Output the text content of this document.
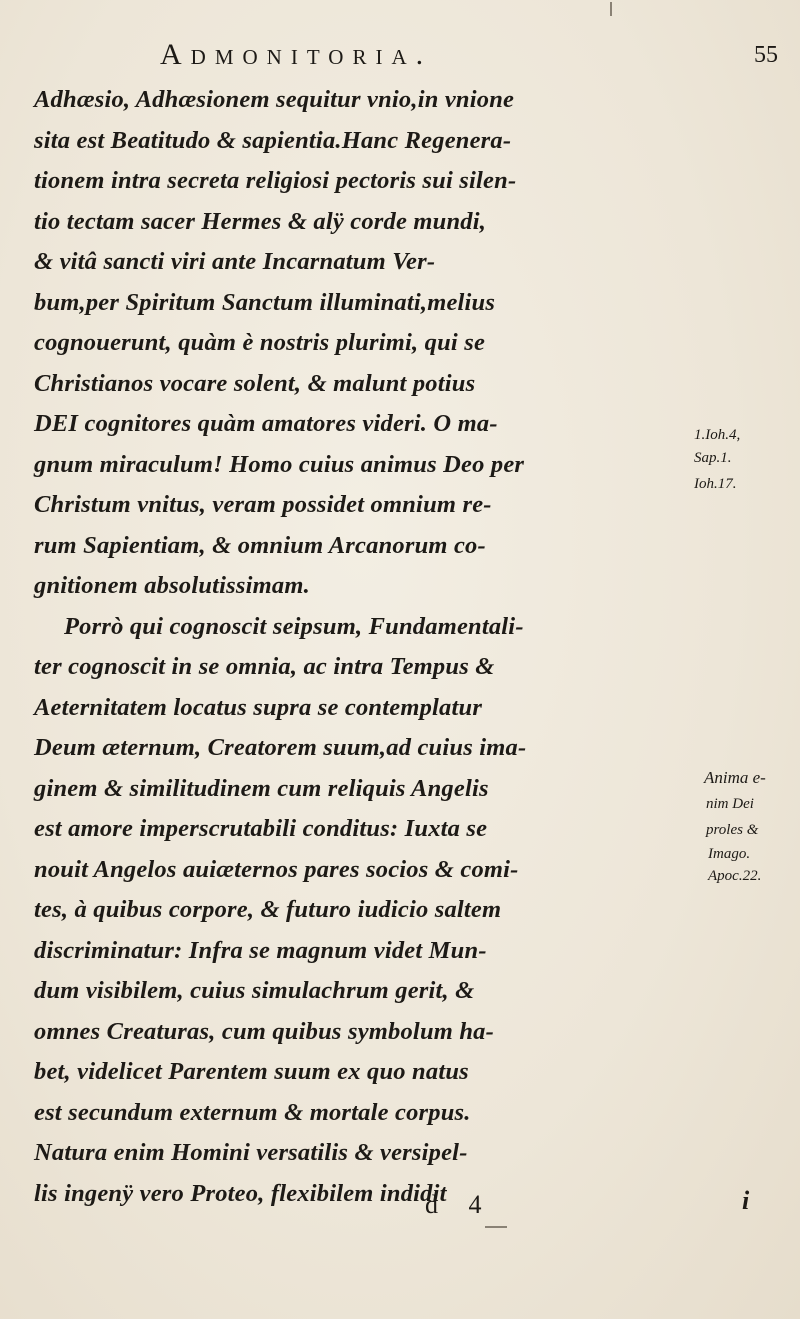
Admonitoria.	55
Adhæsio, Adhæsionem sequitur vnio,in vnione
sita est Beatitudo & sapientia.Hanc Regenera-
tionem intra secreta religiosi pectoris sui silen-
tio tectam sacer Hermes & alÿ corde mundi,
& vitâ sancti viri ante Incarnatum Ver-
bum,per Spiritum Sanctum illuminati,melius
cognouerunt, quàm è nostris plurimi, qui se
Christianos vocare solent, & malunt potius
DEI cognitores quàm amatores videri. O ma-
gnum miraculum! Homo cuius animus Deo per
Christum vnitus, veram possidet omnium re-
rum Sapientiam, & omnium Arcanorum co-
gnitionem absolutissimam.
Porrò qui cognoscit seipsum, Fundamentali-
ter cognoscit in se omnia, ac intra Tempus &
Aeternitatem locatus supra se contemplatur
Deum æternum, Creatorem suum,ad cuius ima-
ginem & similitudinem cum reliquis Angelis
est amore imperscrutabili conditus: Iuxta se
nouit Angelos auiæternos pares socios & comi-
tes, à quibus corpore, & futuro iudicio saltem
discriminatur: Infra se magnum videt Mun-
dum visibilem, cuius simulachrum gerit, &
omnes Creaturas, cum quibus symbolum ha-
bet, videlicet Parentem suum ex quo natus
est secundum externum & mortale corpus.
Natura enim Homini versatilis & versipel-
lis ingenÿ vero Proteo, flexibilem indidit
1.Ioh.4,
Sap.1.
Ioh.17.
Anima e-
nim Dei
proles &
Imago.
Apoc.22.
d 4	i
